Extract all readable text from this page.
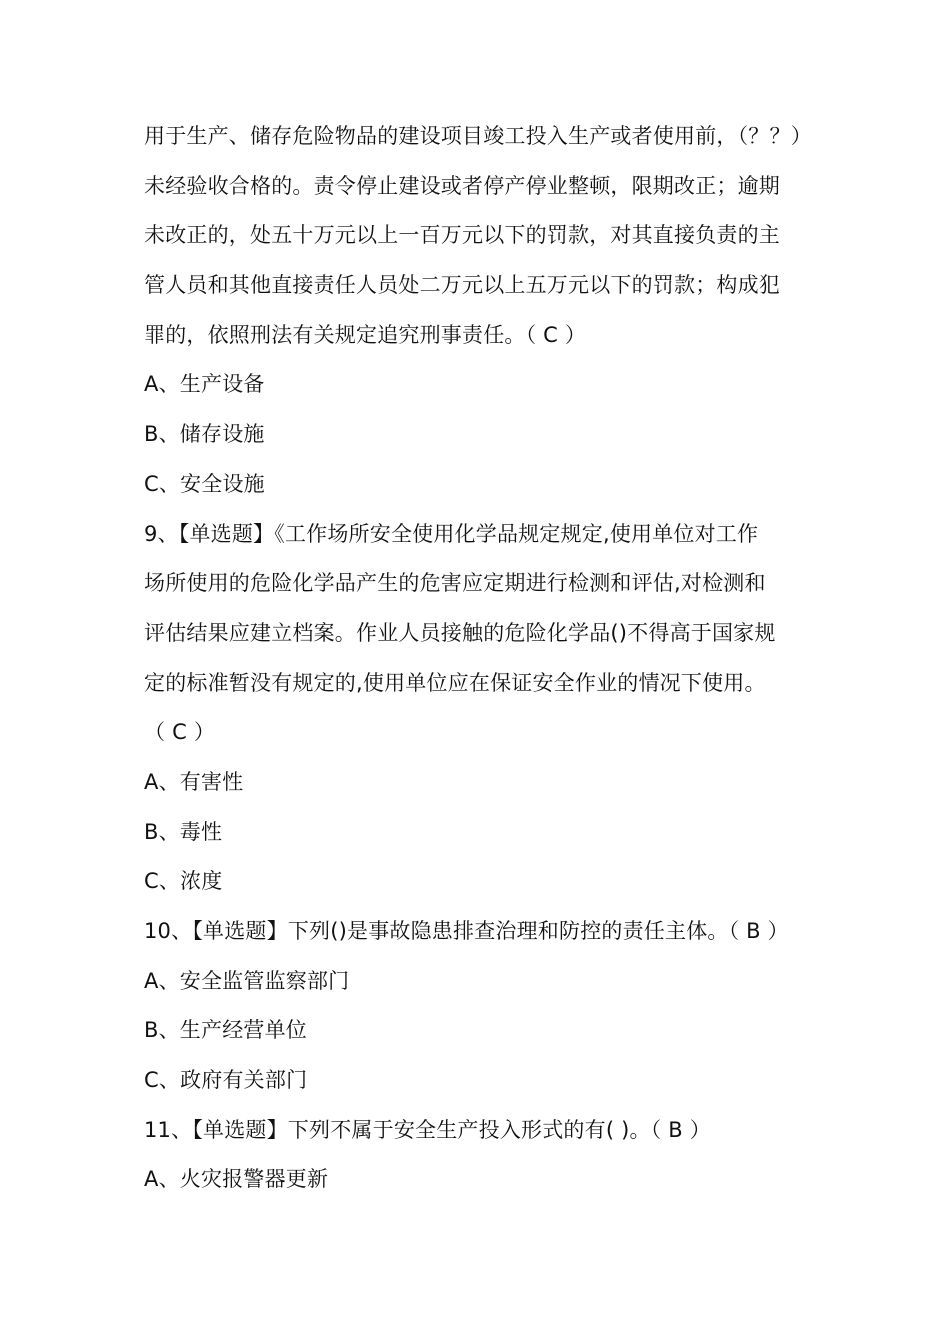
用于生产、储存危险物品的建设项目竣工投入生产或者使用前，（？？）
未经验收合格的。责令停止建设或者停产停业整顿，限期改正；逾期
未改正的，处五十万元以上一百万元以下的罚款，对其直接负责的主
管人员和其他直接责任人员处二万元以上五万元以下的罚款；构成犯
罪的，依照刑法有关规定追究刑事责任。（ C ）
A、生产设备
B、储存设施
C、安全设施
9、【单选题】《工作场所安全使用化学品规定规定,使用单位对工作
场所使用的危险化学品产生的危害应定期进行检测和评估,对检测和
评估结果应建立档案。作业人员接触的危险化学品()不得高于国家规
定的标准暂没有规定的,使用单位应在保证安全作业的情况下使用。
（ C ）
A、有害性
B、毒性
C、浓度
10、【单选题】下列()是事故隐患排查治理和防控的责任主体。（ B ）
A、安全监管监察部门
B、生产经营单位
C、政府有关部门
11、【单选题】下列不属于安全生产投入形式的有( )。（ B ）
A、火灾报警器更新
